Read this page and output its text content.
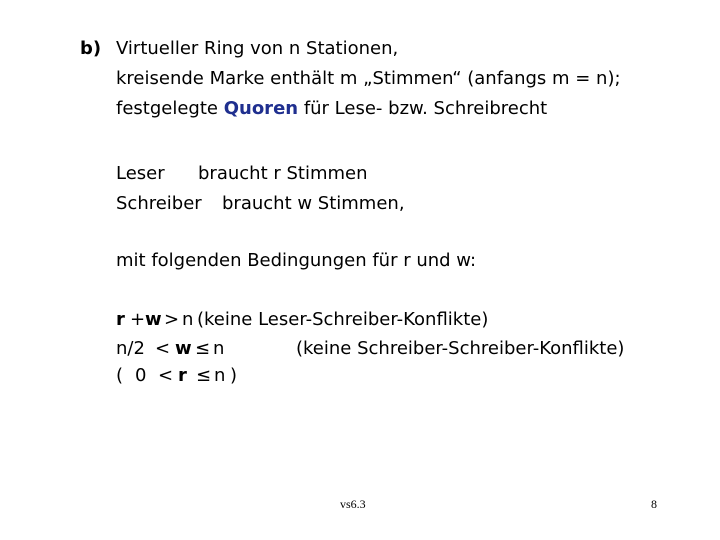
b) Virtueller Ring von n Stationen,
kreisende Marke enthält m „Stimmen“ (anfangs m = n);
festgelegte Quoren für Lese- bzw. Schreibrecht
Leser braucht r Stimmen
Schreiber braucht w Stimmen,
mit folgenden Bedingungen für r und w:
r + w > n (keine Leser-Schreiber-Konflikte)
n/2 < w ≤ n	(keine Schreiber-Schreiber-Konflikte)
( 0 < r ≤ n )
vs6.3	8
